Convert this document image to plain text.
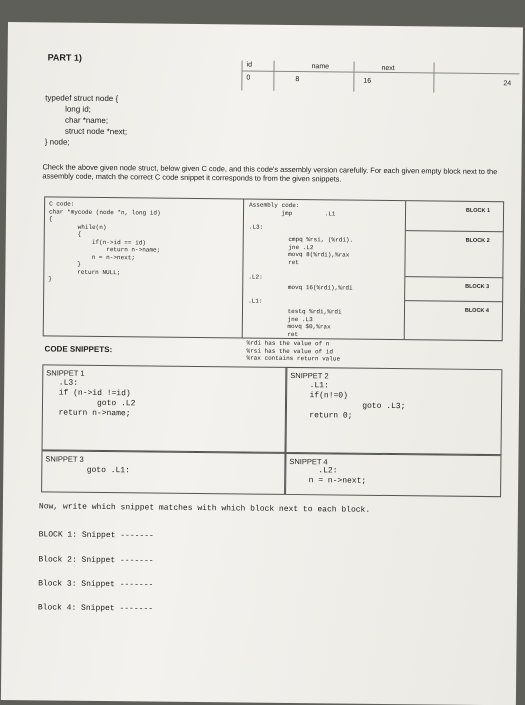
PART 1)
typedef struct node {
long id;
char *name;
struct node *next;
} node;
id	name	next
0	8	16	24
Check the above given node struct, below given C code, and this code's assembly version carefully. For each given empty block next to the assembly code, match the correct C code snippet it corresponds to from the given snippets.
C code:
char *mycode (node *n, long id)
{
while(n)
{
if(n->id == id)
return n->name;
n = n->next;
}
return NULL;
}
Assembly code:
jmp         .L1
.L3:
cmpq %rsi, (%rdi).
jne .L2
movq 8(%rdi),%rax
ret
.L2:
movq 16(%rdi),%rdi
.L1:
testq %rdi,%rdi
jne .L3
movq $0,%rax
ret
BLOCK 1
BLOCK 2
BLOCK 3
BLOCK 4
%rdi has the value of n
%rsi has the value of id
%rax contains return value
CODE SNIPPETS:
SNIPPET 1
.L3:
if (n->id !=id)
goto .L2
return n->name;
SNIPPET 2
.L1:
if(n!=0)
goto .L3;
return 0;
SNIPPET 3
goto .L1:
SNIPPET 4
.L2:
n = n->next;
Now, write which snippet matches with which block next to each block.
BLOCK 1: Snippet -------
Block 2: Snippet -------
Block 3: Snippet -------
Block 4: Snippet -------
